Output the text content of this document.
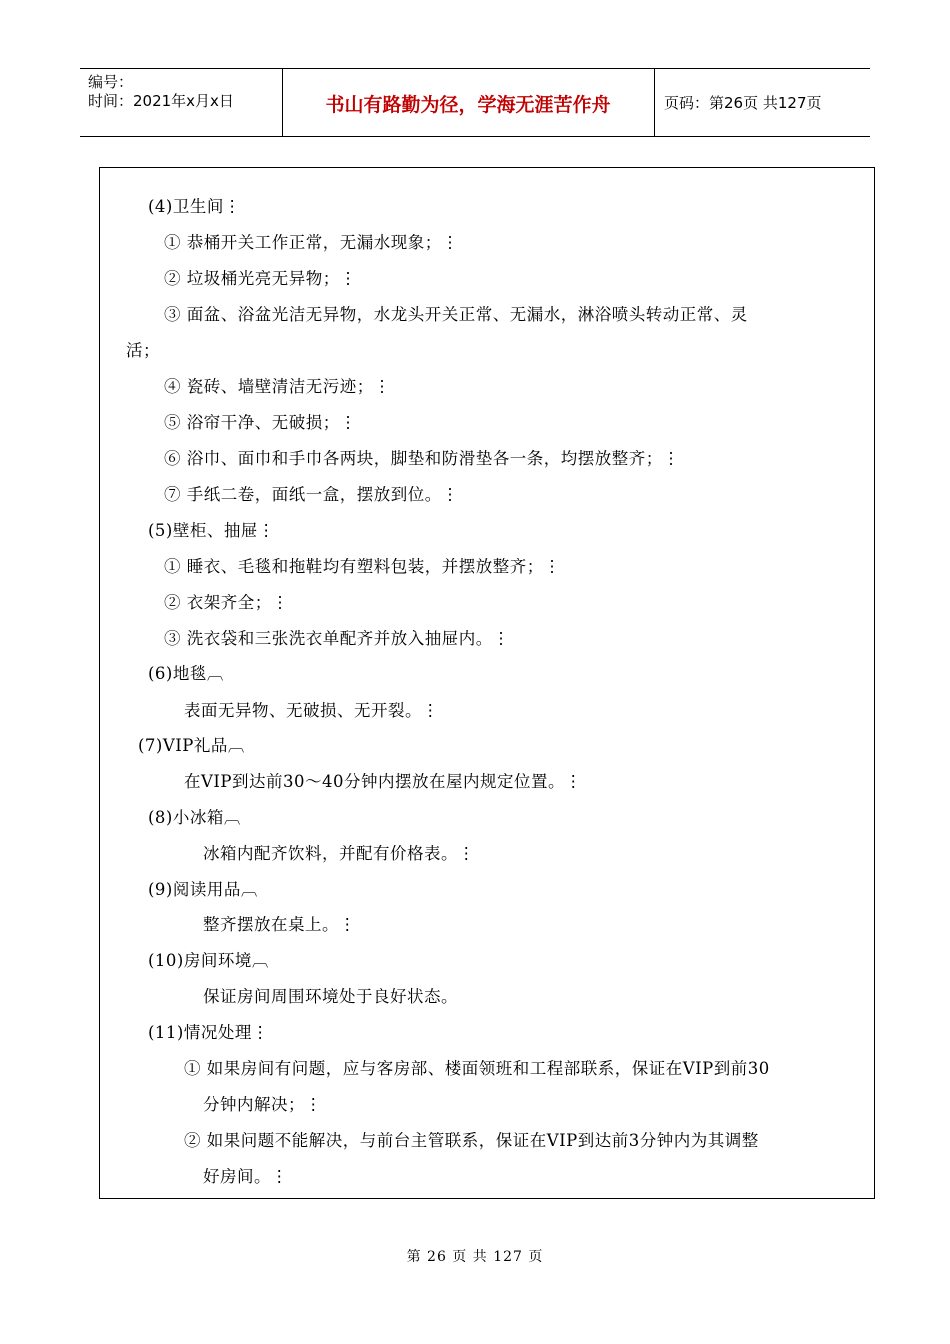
编号：
时间：2021年x月x日	书山有路勤为径，学海无涯苦作舟	页码：第26页 共127页
(4)卫生间⋮
① 恭桶开关工作正常，无漏水现象；⋮
② 垃圾桶光亮无异物；⋮
③ 面盆、浴盆光洁无异物，水龙头开关正常、无漏水，淋浴喷头转动正常、灵
活；
④ 瓷砖、墙壁清洁无污迹；⋮
⑤ 浴帘干净、无破损；⋮
⑥ 浴巾、面巾和手巾各两块，脚垫和防滑垫各一条，均摆放整齐；⋮
⑦ 手纸二卷，面纸一盒，摆放到位。⋮
(5)壁柜、抽屉⋮
① 睡衣、毛毯和拖鞋均有塑料包装，并摆放整齐；⋮
② 衣架齐全；⋮
③ 洗衣袋和三张洗衣单配齐并放入抽屉内。⋮
(6)地毯︹
表面无异物、无破损、无开裂。⋮
(7)VIP礼品︹
在VIP到达前30～40分钟内摆放在屋内规定位置。⋮
(8)小冰箱︹
冰箱内配齐饮料，并配有价格表。⋮
(9)阅读用品︹
整齐摆放在桌上。⋮
(10)房间环境︹
保证房间周围环境处于良好状态。
(11)情况处理⋮
① 如果房间有问题，应与客房部、楼面领班和工程部联系，保证在VIP到前30
分钟内解决；⋮
② 如果问题不能解决，与前台主管联系，保证在VIP到达前3分钟内为其调整
好房间。⋮
第 26 页 共 127 页
